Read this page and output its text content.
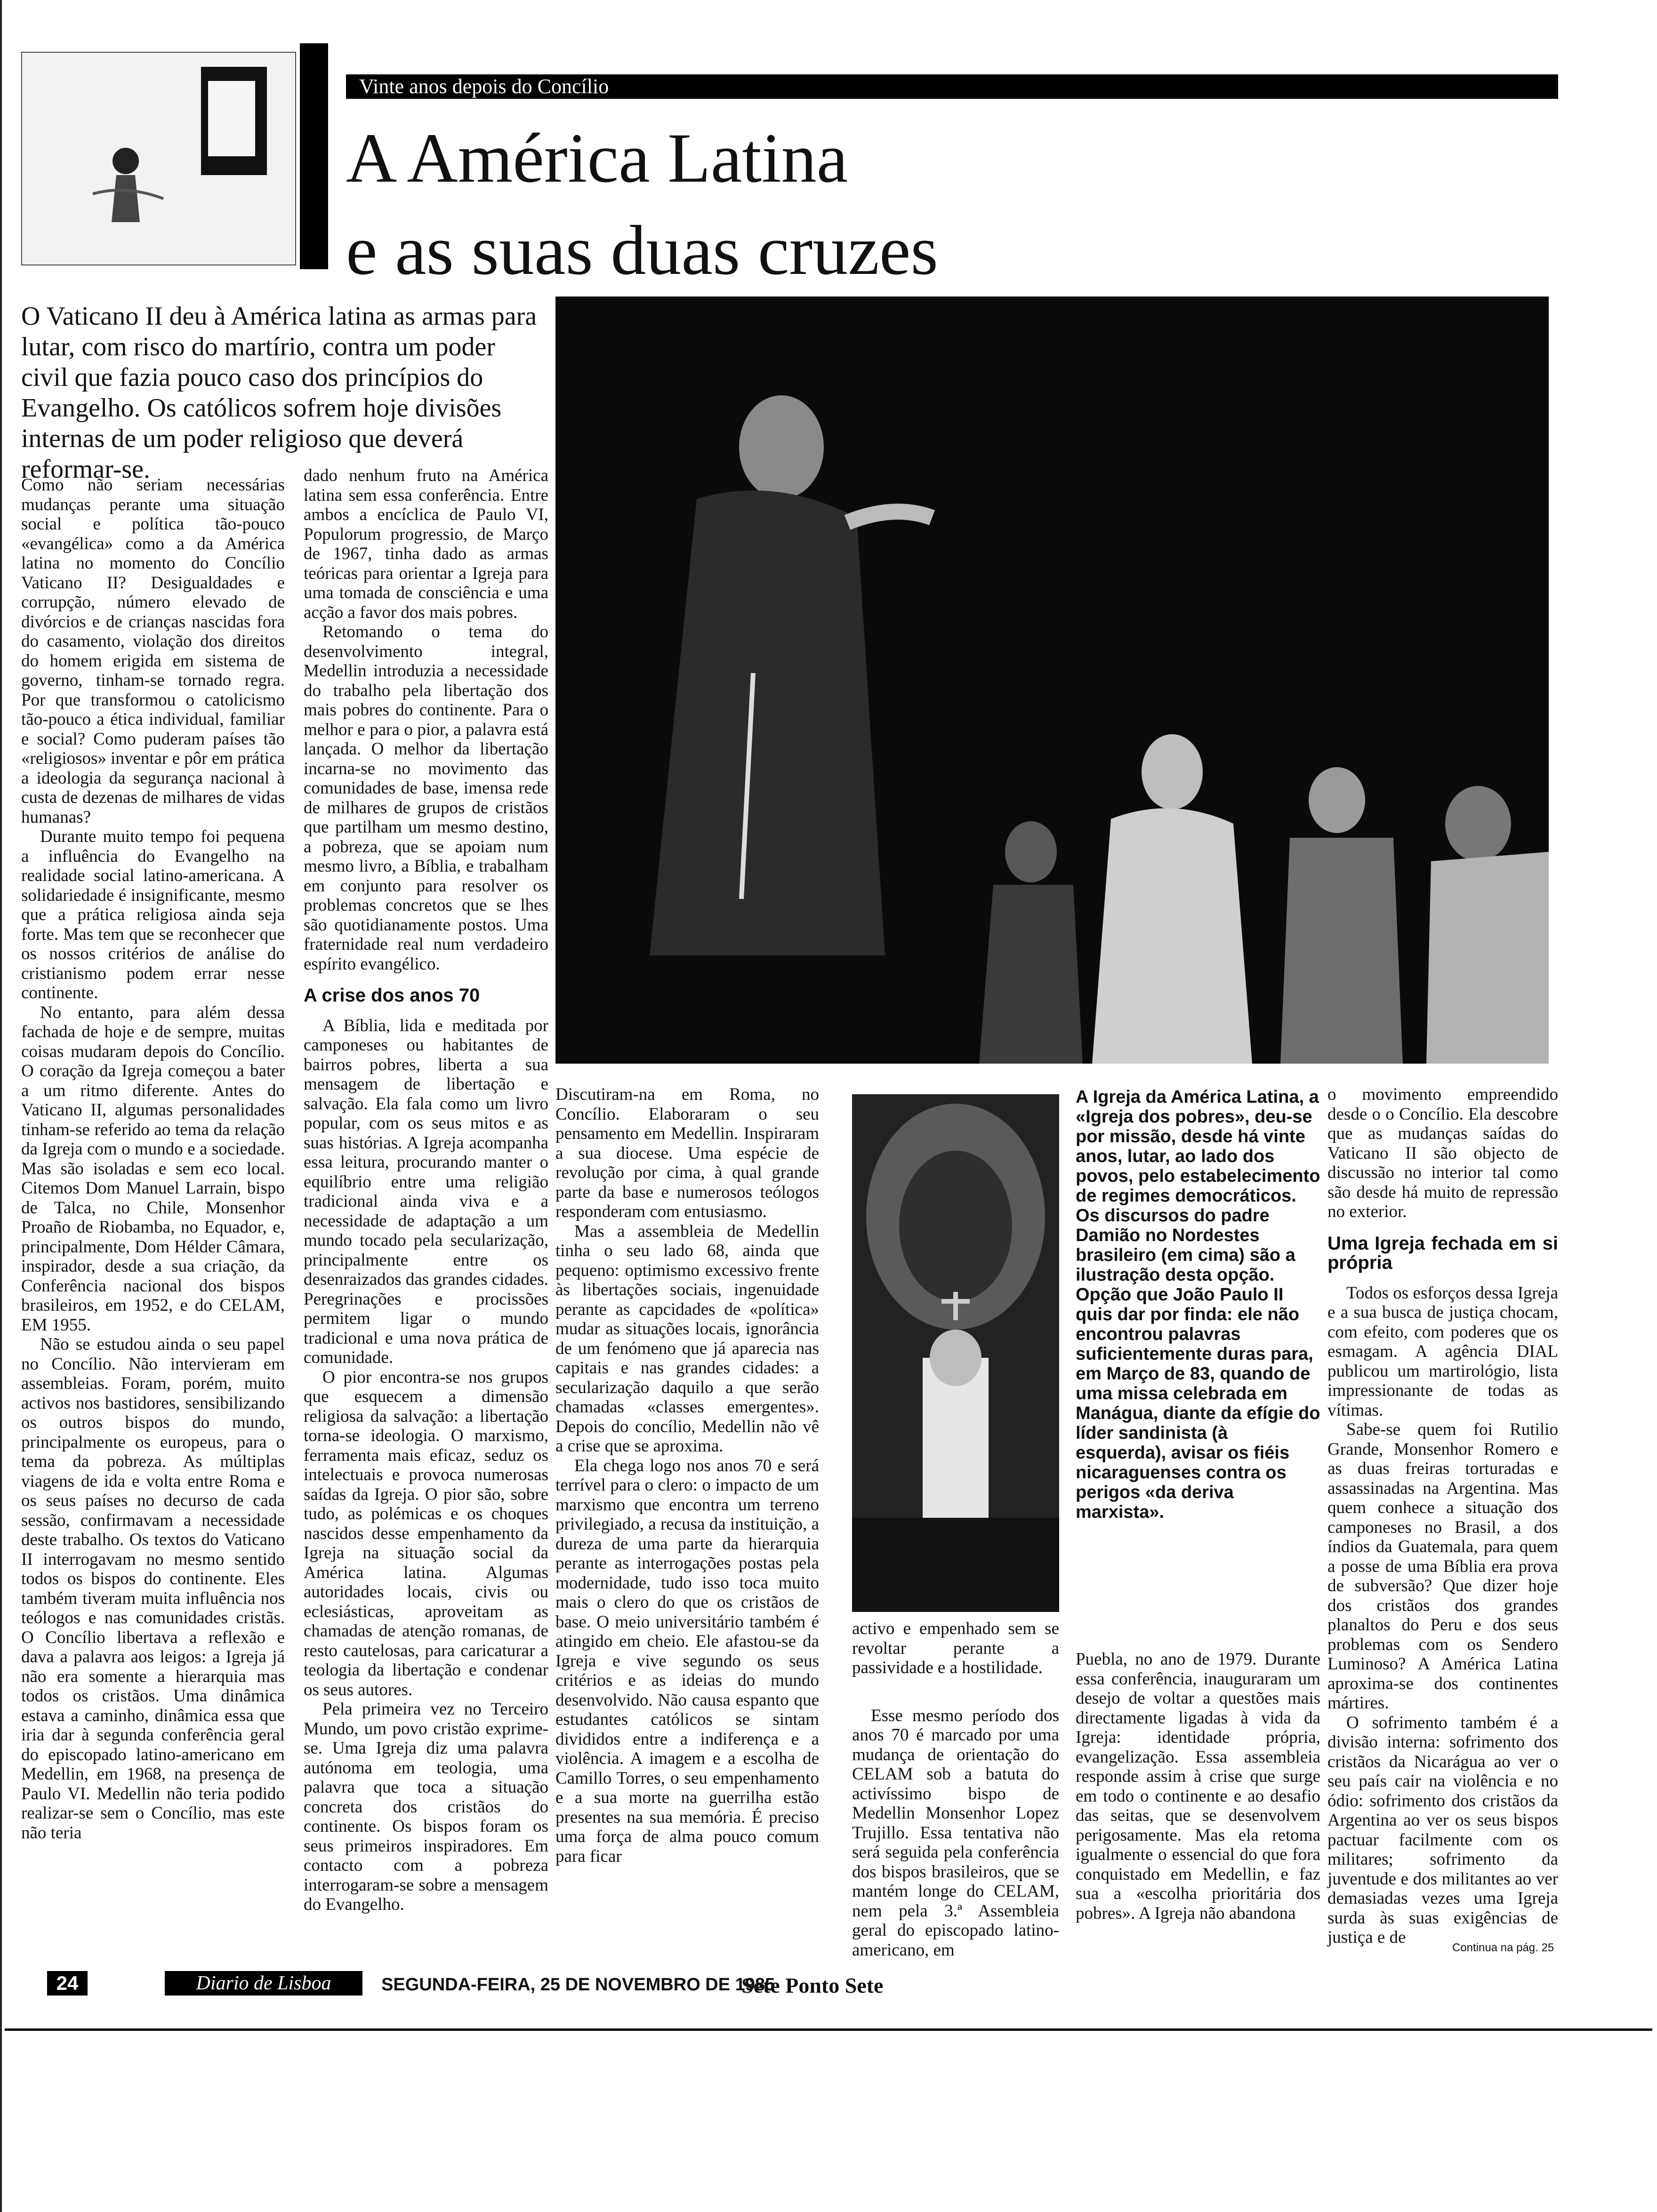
Vinte anos depois do Concílio
A América Latina
e as suas duas cruzes
O Vaticano II deu à América latina as armas para lutar, com risco do martírio, contra um poder civil que fazia pouco caso dos princípios do Evangelho. Os católicos sofrem hoje divisões internas de um poder religioso que deverá reformar-se.

Como não seriam necessárias mudanças perante uma situação social e política tão-pouco «evangélica» como a da América latina no momento do Concílio Vaticano II? Desigualdades e corrupção, número elevado de divórcios e de crianças nascidas fora do casamento, violação dos direitos do homem erigida em sistema de governo, tinham-se tornado regra. Por que transformou o catolicismo tão-pouco a ética individual, familiar e social? Como puderam países tão «religiosos» inventar e pôr em prática a ideologia da segurança nacional à custa de dezenas de milhares de vidas humanas?

Durante muito tempo foi pequena a influência do Evangelho na realidade social latino-americana. A solidariedade é insignificante, mesmo que a prática religiosa ainda seja forte. Mas tem que se reconhecer que os nossos critérios de análise do cristianismo podem errar nesse continente.

No entanto, para além dessa fachada de hoje e de sempre, muitas coisas mudaram depois do Concílio. O coração da Igreja começou a bater a um ritmo diferente. Antes do Vaticano II, algumas personalidades tinham-se referido ao tema da relação da Igreja com o mundo e a sociedade. Mas são isoladas e sem eco local. Citemos Dom Manuel Larrain, bispo de Talca, no Chile, Monsenhor Proaño de Riobamba, no Equador, e, principalmente, Dom Hélder Câmara, inspirador, desde a sua criação, da Conferência nacional dos bispos brasileiros, em 1952, e do CELAM, EM 1955.

Não se estudou ainda o seu papel no Concílio. Não intervieram em assembleias. Foram, porém, muito activos nos bastidores, sensibilizando os outros bispos do mundo, principalmente os europeus, para o tema da pobreza. As múltiplas viagens de ida e volta entre Roma e os seus países no decurso de cada sessão, confirmavam a necessidade deste trabalho. Os textos do Vaticano II interrogavam no mesmo sentido todos os bispos do continente. Eles também tiveram muita influência nos teólogos e nas comunidades cristãs. O Concílio libertava a reflexão e dava a palavra aos leigos: a Igreja já não era somente a hierarquia mas todos os cristãos. Uma dinâmica estava a caminho, dinâmica essa que iria dar à segunda conferência geral do episcopado latino-americano em Medellin, em 1968, na presença de Paulo VI. Medellin não teria podido realizar-se sem o Concílio, mas este não teria

dado nenhum fruto na América latina sem essa conferência. Entre ambos a encíclica de Paulo VI, Populorum progressio, de Março de 1967, tinha dado as armas teóricas para orientar a Igreja para uma tomada de consciência e uma acção a favor dos mais pobres.

Retomando o tema do desenvolvimento integral, Medellin introduzia a necessidade do trabalho pela libertação dos mais pobres do continente. Para o melhor e para o pior, a palavra está lançada. O melhor da libertação incarna-se no movimento das comunidades de base, imensa rede de milhares de grupos de cristãos que partilham um mesmo destino, a pobreza, que se apoiam num mesmo livro, a Bíblia, e trabalham em conjunto para resolver os problemas concretos que se lhes são quotidianamente postos. Uma fraternidade real num verdadeiro espírito evangélico.

A crise dos anos 70

A Bíblia, lida e meditada por camponeses ou habitantes de bairros pobres, liberta a sua mensagem de libertação e salvação. Ela fala como um livro popular, com os seus mitos e as suas histórias. A Igreja acompanha essa leitura, procurando manter o equilíbrio entre uma religião tradicional ainda viva e a necessidade de adaptação a um mundo tocado pela secularização, principalmente entre os desenraizados das grandes cidades. Peregrinações e procissões permitem ligar o mundo tradicional e uma nova prática de comunidade.

O pior encontra-se nos grupos que esquecem a dimensão religiosa da salvação: a libertação torna-se ideologia. O marxismo, ferramenta mais eficaz, seduz os intelectuais e provoca numerosas saídas da Igreja. O pior são, sobre tudo, as polémicas e os choques nascidos desse empenhamento da Igreja na situação social da América latina. Algumas autoridades locais, civis ou eclesiásticas, aproveitam as chamadas de atenção romanas, de resto cautelosas, para caricaturar a teologia da libertação e condenar os seus autores.

Pela primeira vez no Terceiro Mundo, um povo cristão exprime-se. Uma Igreja diz uma palavra autónoma em teologia, uma palavra que toca a situação concreta dos cristãos do continente. Os bispos foram os seus primeiros inspiradores. Em contacto com a pobreza interrogaram-se sobre a mensagem do Evangelho.

Discutiram-na em Roma, no Concílio. Elaboraram o seu pensamento em Medellin. Inspiraram a sua diocese. Uma espécie de revolução por cima, à qual grande parte da base e numerosos teólogos responderam com entusiasmo.

Mas a assembleia de Medellin tinha o seu lado 68, ainda que pequeno: optimismo excessivo frente às libertações sociais, ingenuidade perante as capcidades de «política» mudar as situações locais, ignorância de um fenómeno que já aparecia nas capitais e nas grandes cidades: a secularização daquilo a que serão chamadas «classes emergentes». Depois do concílio, Medellin não vê a crise que se aproxima.

Ela chega logo nos anos 70 e será terrível para o clero: o impacto de um marxismo que encontra um terreno privilegiado, a recusa da instituição, a dureza de uma parte da hierarquia perante as interrogações postas pela modernidade, tudo isso toca muito mais o clero do que os cristãos de base. O meio universitário também é atingido em cheio. Ele afastou-se da Igreja e vive segundo os seus critérios e as ideias do mundo desenvolvido. Não causa espanto que estudantes católicos se sintam divididos entre a indiferença e a violência. A imagem e a escolha de Camillo Torres, o seu empenhamento e a sua morte na guerrilha estão presentes na sua memória. É preciso uma força de alma pouco comum para ficar

activo e empenhado sem se revoltar perante a passividade e a hostilidade.

Esse mesmo período dos anos 70 é marcado por uma mudança de orientação do CELAM sob a batuta do activíssimo bispo de Medellin Monsenhor Lopez Trujillo. Essa tentativa não será seguida pela conferência dos bispos brasileiros, que se mantém longe do CELAM, nem pela 3.ª Assembleia geral do episcopado latino-americano, em

A Igreja da América Latina, a «Igreja dos pobres», deu-se por missão, desde há vinte anos, lutar, ao lado dos povos, pelo estabelecimento de regimes democráticos. Os discursos do padre Damião no Nordestes brasileiro (em cima) são a ilustração desta opção. Opção que João Paulo II quis dar por finda: ele não encontrou palavras suficientemente duras para, em Março de 83, quando de uma missa celebrada em Manágua, diante da efígie do líder sandinista (à esquerda), avisar os fiéis nicaraguenses contra os perigos «da deriva marxista».

Puebla, no ano de 1979. Durante essa conferência, inauguraram um desejo de voltar a questões mais directamente ligadas à vida da Igreja: identidade própria, evangelização. Essa assembleia responde assim à crise que surge em todo o continente e ao desafio das seitas, que se desenvolvem perigosamente. Mas ela retoma igualmente o essencial do que fora conquistado em Medellin, e faz sua a «escolha prioritária dos pobres». A Igreja não abandona

o movimento empreendido desde o o Concílio. Ela descobre que as mudanças saídas do Vaticano II são objecto de discussão no interior tal como são desde há muito de repressão no exterior.

Uma Igreja fechada em si própria

Todos os esforços dessa Igreja e a sua busca de justiça chocam, com efeito, com poderes que os esmagam. A agência DIAL publicou um martirológio, lista impressionante de todas as vítimas.

Sabe-se quem foi Rutilio Grande, Monsenhor Romero e as duas freiras torturadas e assassinadas na Argentina. Mas quem conhece a situação dos camponeses no Brasil, a dos índios da Guatemala, para quem a posse de uma Bíblia era prova de subversão? Que dizer hoje dos cristãos dos grandes planaltos do Peru e dos seus problemas com os Sendero Luminoso? A América Latina aproxima-se dos continentes mártires.

O sofrimento também é a divisão interna: sofrimento dos cristãos da Nicarágua ao ver o seu país cair na violência e no ódio: sofrimento dos cristãos da Argentina ao ver os seus bispos pactuar facilmente com os militares; sofrimento da juventude e dos militantes ao ver demasiadas vezes uma Igreja surda às suas exigências de justiça e de

Continua na pág. 25
24	Diario de Lisboa	SEGUNDA-FEIRA, 25 DE NOVEMBRO DE 1985
Sete Ponto Sete
